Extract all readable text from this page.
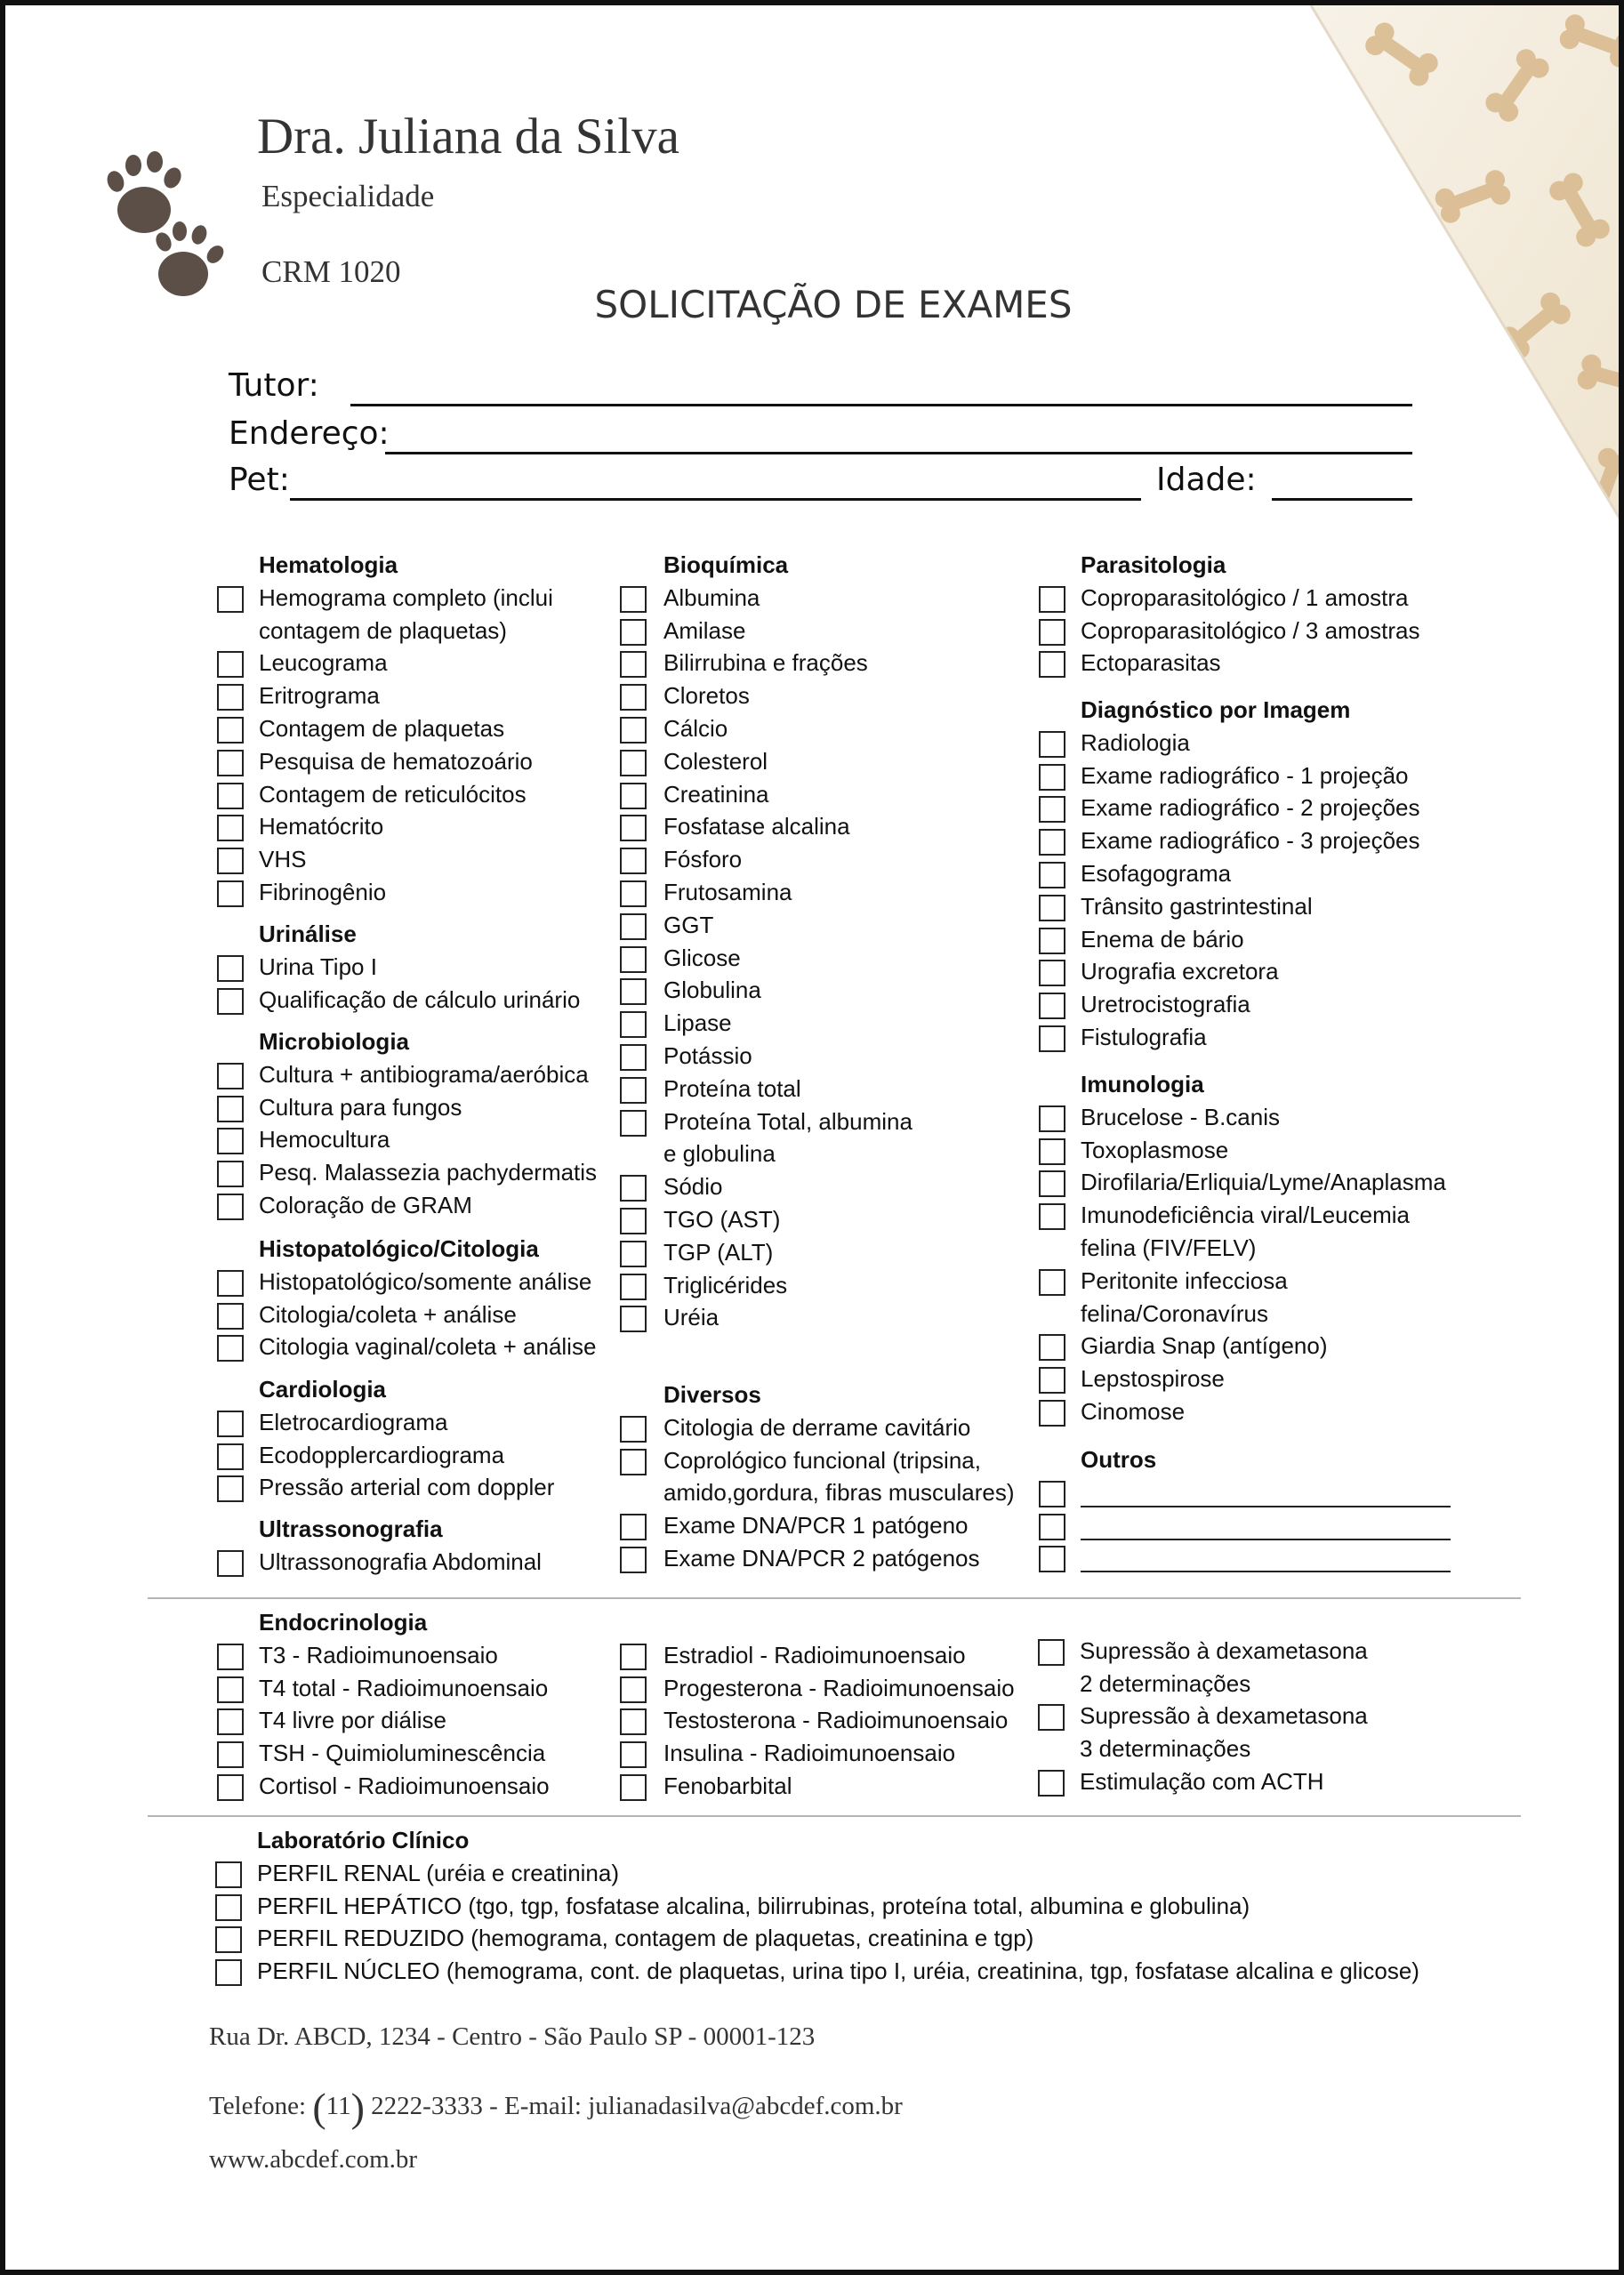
Dra. Juliana da Silva
Especialidade
CRM 1020
SOLICITAÇÃO DE EXAMES
Tutor:
Endereço:
Pet:	Idade:
Hematologia
Hemograma completo (inclui
contagem de plaquetas)
Leucograma
Eritrograma
Contagem de plaquetas
Pesquisa de hematozoário
Contagem de reticulócitos
Hematócrito
VHS
Fibrinogênio
Urinálise
Urina Tipo I
Qualificação de cálculo urinário
Microbiologia
Cultura + antibiograma/aeróbica
Cultura para fungos
Hemocultura
Pesq. Malassezia pachydermatis
Coloração de GRAM
Histopatológico/Citologia
Histopatológico/somente análise
Citologia/coleta + análise
Citologia vaginal/coleta + análise
Cardiologia
Eletrocardiograma
Ecodopplercardiograma
Pressão arterial com doppler
Ultrassonografia
Ultrassonografia Abdominal
Bioquímica
Albumina
Amilase
Bilirrubina e frações
Cloretos
Cálcio
Colesterol
Creatinina
Fosfatase alcalina
Fósforo
Frutosamina
GGT
Glicose
Globulina
Lipase
Potássio
Proteína total
Proteína Total, albumina
e globulina
Sódio
TGO (AST)
TGP (ALT)
Triglicérides
Uréia
Diversos
Citologia de derrame cavitário
Coprológico funcional (tripsina,
amido,gordura, fibras musculares)
Exame DNA/PCR 1 patógeno
Exame DNA/PCR 2 patógenos
Parasitologia
Coproparasitológico / 1 amostra
Coproparasitológico / 3 amostras
Ectoparasitas
Diagnóstico por Imagem
Radiologia
Exame radiográfico - 1 projeção
Exame radiográfico - 2 projeções
Exame radiográfico - 3 projeções
Esofagograma
Trânsito gastrintestinal
Enema de bário
Urografia excretora
Uretrocistografia
Fistulografia
Imunologia
Brucelose - B.canis
Toxoplasmose
Dirofilaria/Erliquia/Lyme/Anaplasma
Imunodeficiência viral/Leucemia
felina (FIV/FELV)
Peritonite infecciosa
felina/Coronavírus
Giardia Snap (antígeno)
Lepstospirose
Cinomose
Outros
Endocrinologia
T3 - Radioimunoensaio
T4 total - Radioimunoensaio
T4 livre por diálise
TSH - Quimioluminescência
Cortisol - Radioimunoensaio
Estradiol - Radioimunoensaio
Progesterona - Radioimunoensaio
Testosterona - Radioimunoensaio
Insulina - Radioimunoensaio
Fenobarbital
Supressão à dexametasona
2 determinações
Supressão à dexametasona
3 determinações
Estimulação com ACTH
Laboratório Clínico
PERFIL RENAL (uréia e creatinina)
PERFIL HEPÁTICO (tgo, tgp, fosfatase alcalina, bilirrubinas, proteína total, albumina e globulina)
PERFIL REDUZIDO (hemograma, contagem de plaquetas, creatinina e tgp)
PERFIL NÚCLEO (hemograma, cont. de plaquetas, urina tipo I, uréia, creatinina, tgp, fosfatase alcalina e glicose)
Rua Dr. ABCD, 1234 - Centro - São Paulo SP - 00001-123
Telefone: (11) 2222-3333 - E-mail: julianadasilva@abcdef.com.br
www.abcdef.com.br
